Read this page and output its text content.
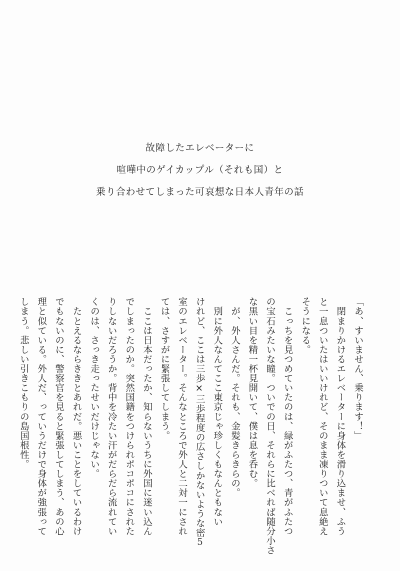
故障したエレベーターに
喧嘩中のゲイカップル（それも国）と
乗り合わせてしまった可哀想な日本人青年の話

「あ、すいません、乗ります！」

　閉まりかけるエレベーターに身体を滑り込ませ、ふう

と一息ついたはいいけれど、そのまま凍りついて息絶え

そうになる。

　こっちを見つめていたのは、緑がふたつ、青がふたつ

の宝石みたいな瞳。ついでの日、それらに比べれば随分小さ

な黒い目を精一杯見開いて、僕は息を呑む。

　が、外人さんだ。それも、金髪きらきらの。

　別に外人なんてここ東京じゃ珍しくもなんともない

けれど、ここは三歩×三歩程度の広さしかないような密

室のエレベーター。そんなところで外人と二対一にされ

ては、さすがに緊張してしまう。

　ここは日本だったか、知らないうちに外国に迷い込ん

でしまったのか。突然国籍をつけられポコポコにされた

りしないだろうか。背中を冷たい汗がだらだら流れてい

くのは、さっき走ったせいだけじゃない。

　たとえるならききとあれだ。悪いことをしているわけ

でもないのに、警察官を見ると緊張してしまう、あの心

理と似ている。外人だ、っていうだけで身体が強張って

しまう。悲しい引きこもりの島国根性。

5
